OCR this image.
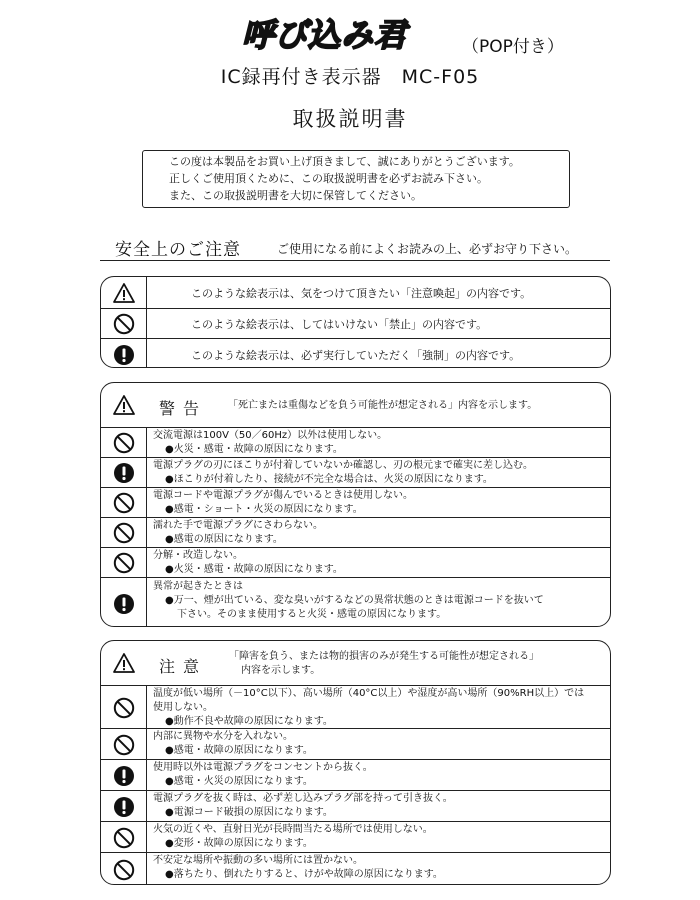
呼び込み君	（POP付き）
IC録再付き表示器　MC-F05
取扱説明書
この度は本製品をお買い上げ頂きまして、誠にありがとうございます。
正しくご使用頂くために、この取扱説明書を必ずお読み下さい。
また、この取扱説明書を大切に保管してください。
安全上のご注意	ご使用になる前によくお読みの上、必ずお守り下さい。
このような絵表示は、気をつけて頂きたい「注意喚起」の内容です。
このような絵表示は、してはいけない「禁止」の内容です。
このような絵表示は、必ず実行していただく「強制」の内容です。
警告 「死亡または重傷などを負う可能性が想定される」内容を示します。
交流電源は100V（50／60Hz）以外は使用しない。
●火災・感電・故障の原因になります。
電源プラグの刃にほこりが付着していないか確認し、刃の根元まで確実に差し込む。
●ほこりが付着したり、接続が不完全な場合は、火災の原因になります。
電源コードや電源プラグが傷んでいるときは使用しない。
●感電・ショート・火災の原因になります。
濡れた手で電源プラグにさわらない。
●感電の原因になります。
分解・改造しない。
●火災・感電・故障の原因になります。
異常が起きたときは
●万一、煙が出ている、変な臭いがするなどの異常状態のときは電源コードを抜いて
下さい。そのまま使用すると火災・感電の原因になります。
注意
「障害を負う、または物的損害のみが発生する可能性が想定される」
内容を示します。
温度が低い場所（－10°C以下）、高い場所（40°C以上）や湿度が高い場所（90%RH以上）では
使用しない。
●動作不良や故障の原因になります。
内部に異物や水分を入れない。
●感電・故障の原因になります。
使用時以外は電源プラグをコンセントから抜く。
●感電・火災の原因になります。
電源プラグを抜く時は、必ず差し込みプラグ部を持って引き抜く。
●電源コード破損の原因になります。
火気の近くや、直射日光が長時間当たる場所では使用しない。
●変形・故障の原因になります。
不安定な場所や振動の多い場所には置かない。
●落ちたり、倒れたりすると、けがや故障の原因になります。
